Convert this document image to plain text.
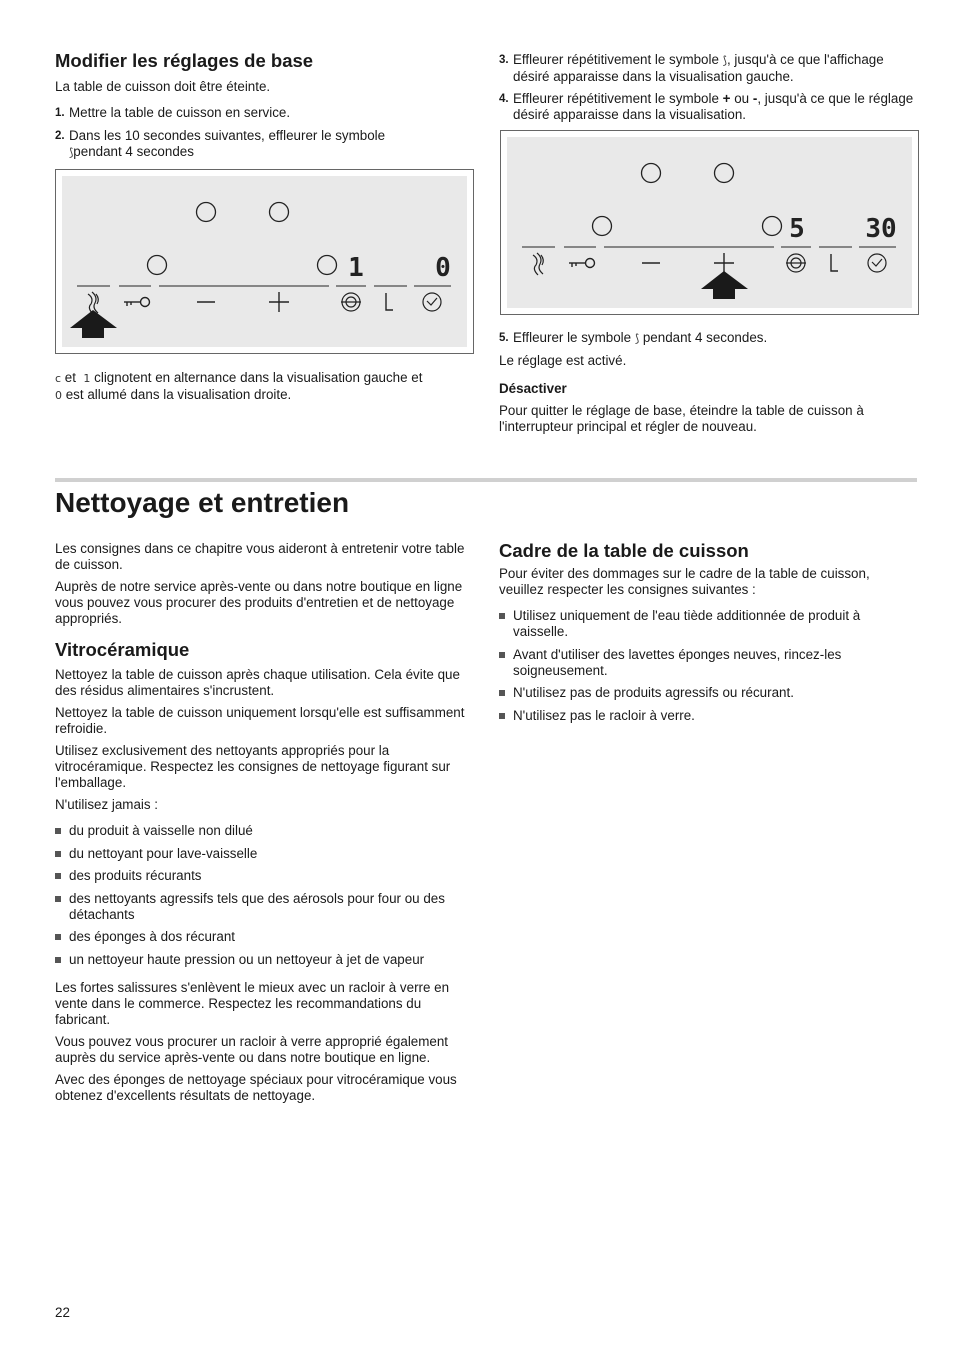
Modifier les réglages de base

La table de cuisson doit être éteinte.

1. Mettre la table de cuisson en service.
2. Dans les 10 secondes suivantes, effleurer le symbole
⟆pendant 4 secondes
1	0

c et 1 clignotent en alternance dans la visualisation gauche et
0 est allumé dans la visualisation droite.

3. Effleurer répétitivement le symbole ⟆, jusqu'à ce que l'affichage désiré apparaisse dans la visualisation gauche.
4. Effleurer répétitivement le symbole + ou -, jusqu'à ce que le réglage désiré apparaisse dans la visualisation.
5 30
5. Effleurer le symbole ⟆ pendant 4 secondes.

Le réglage est activé.

Désactiver

Pour quitter le réglage de base, éteindre la table de cuisson à l'interrupteur principal et régler de nouveau.

Nettoyage et entretien

Les consignes dans ce chapitre vous aideront à entretenir votre table de cuisson.

Auprès de notre service après-vente ou dans notre boutique en ligne vous pouvez vous procurer des produits d'entretien et de nettoyage appropriés.

Vitrocéramique

Nettoyez la table de cuisson après chaque utilisation. Cela évite que des résidus alimentaires s'incrustent.

Nettoyez la table de cuisson uniquement lorsqu'elle est suffisamment refroidie.

Utilisez exclusivement des nettoyants appropriés pour la vitrocéramique. Respectez les consignes de nettoyage figurant sur l'emballage.

N'utilisez jamais :

du produit à vaisselle non dilué
du nettoyant pour lave-vaisselle
des produits récurants
des nettoyants agressifs tels que des aérosols pour four ou des détachants
des éponges à dos récurant
un nettoyeur haute pression ou un nettoyeur à jet de vapeur

Les fortes salissures s'enlèvent le mieux avec un racloir à verre en vente dans le commerce. Respectez les recommandations du fabricant.

Vous pouvez vous procurer un racloir à verre approprié également auprès du service après-vente ou dans notre boutique en ligne.

Avec des éponges de nettoyage spéciaux pour vitrocéramique vous obtenez d'excellents résultats de nettoyage.

Cadre de la table de cuisson

Pour éviter des dommages sur le cadre de la table de cuisson, veuillez respecter les consignes suivantes :

Utilisez uniquement de l'eau tiède additionnée de produit à vaisselle.
Avant d'utiliser des lavettes éponges neuves, rincez-les soigneusement.
N'utilisez pas de produits agressifs ou récurant.
N'utilisez pas le racloir à verre.
22
